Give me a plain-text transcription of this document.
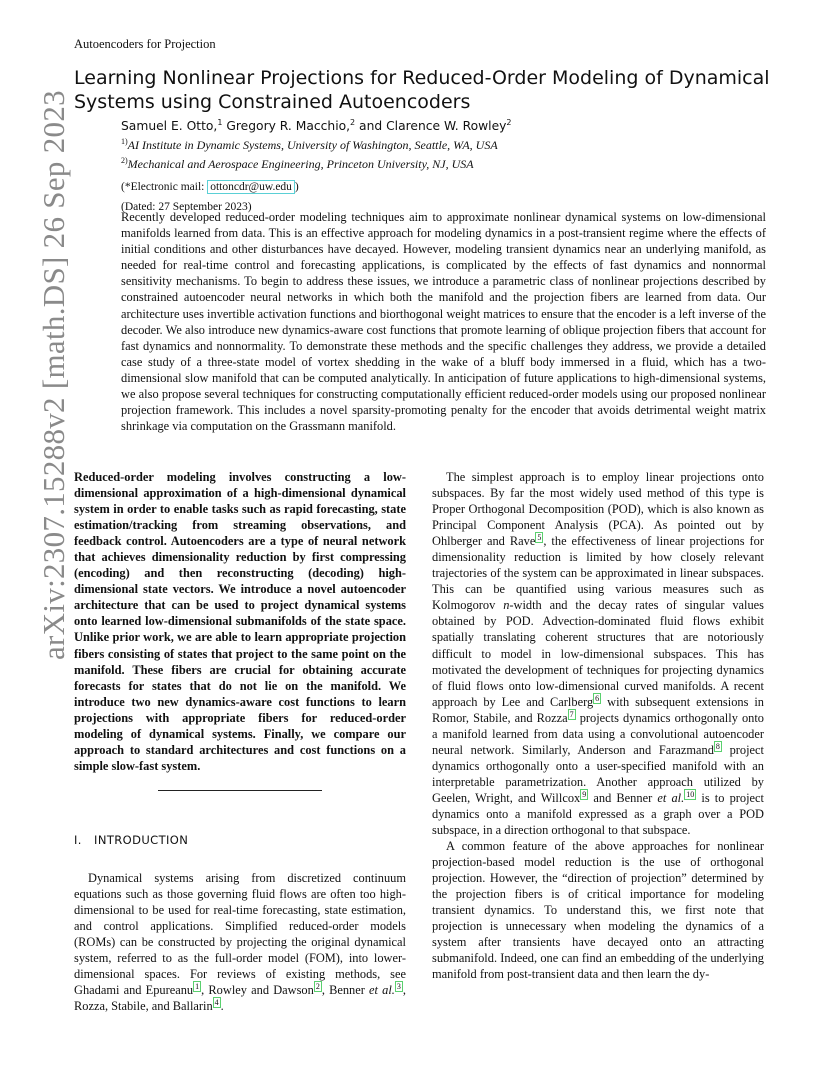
Autoencoders for Projection
arXiv:2307.15288v2 [math.DS] 26 Sep 2023
Learning Nonlinear Projections for Reduced-Order Modeling of Dynamical Systems using Constrained Autoencoders
Samuel E. Otto,$^1$ Gregory R. Macchio,$^2$ and Clarence W. Rowley$^2$
$^{1)}$AI Institute in Dynamic Systems, University of Washington, Seattle, WA, USA
$^{2)}$Mechanical and Aerospace Engineering, Princeton University, NJ, USA
(*Electronic mail: ottoncdr@uw.edu )
(Dated: 27 September 2023)

Recently developed reduced-order modeling techniques aim to approximate nonlinear dynamical systems on low-dimensional manifolds learned from data. This is an effective approach for modeling dynamics in a post-transient regime where the effects of initial conditions and other disturbances have decayed. However, modeling transient dynamics near an underlying manifold, as needed for real-time control and forecasting applications, is complicated by the effects of fast dynamics and nonnormal sensitivity mechanisms. To begin to address these issues, we introduce a parametric class of nonlinear projections described by constrained autoencoder neural networks in which both the manifold and the projection fibers are learned from data. Our architecture uses invertible activation functions and biorthogonal weight matrices to ensure that the encoder is a left inverse of the decoder. We also introduce new dynamics-aware cost functions that promote learning of oblique projection fibers that account for fast dynamics and nonnormality. To demonstrate these methods and the specific challenges they address, we provide a detailed case study of a three-state model of vortex shedding in the wake of a bluff body immersed in a fluid, which has a two-dimensional slow manifold that can be computed analytically. In anticipation of future applications to high-dimensional systems, we also propose several techniques for constructing computationally efficient reduced-order models using our proposed nonlinear projection framework. This includes a novel sparsity-promoting penalty for the encoder that avoids detrimental weight matrix shrinkage via computation on the Grassmann manifold.

Reduced-order modeling involves constructing a low-dimensional approximation of a high-dimensional dynamical system in order to enable tasks such as rapid forecasting, state estimation/tracking from streaming observations, and feedback control. Autoencoders are a type of neural network that achieves dimensionality reduction by first compressing (encoding) and then reconstructing (decoding) high-dimensional state vectors. We introduce a novel autoencoder architecture that can be used to project dynamical systems onto learned low-dimensional submanifolds of the state space. Unlike prior work, we are able to learn appropriate projection fibers consisting of states that project to the same point on the manifold. These fibers are crucial for obtaining accurate forecasts for states that do not lie on the manifold. We introduce two new dynamics-aware cost functions to learn projections with appropriate fibers for reduced-order modeling of dynamical systems. Finally, we compare our approach to standard architectures and cost functions on a simple slow-fast system.

I. INTRODUCTION

Dynamical systems arising from discretized continuum equations such as those governing fluid flows are often too high-dimensional to be used for real-time forecasting, state estimation, and control applications. Simplified reduced-order models (ROMs) can be constructed by projecting the original dynamical system, referred to as the full-order model (FOM), into lower-dimensional spaces. For reviews of existing methods, see Ghadami and Epureanu $^1$ , Rowley and Dawson $^2$ , Benner et al. $^3$ , Rozza, Stabile, and Ballarin $^4$ .

The simplest approach is to employ linear projections onto subspaces. By far the most widely used method of this type is Proper Orthogonal Decomposition (POD), which is also known as Principal Component Analysis (PCA). As pointed out by Ohlberger and Rave $^5$ , the effectiveness of linear projections for dimensionality reduction is limited by how closely relevant trajectories of the system can be approximated in linear subspaces. This can be quantified using various measures such as Kolmogorov n-width and the decay rates of singular values obtained by POD. Advection-dominated fluid flows exhibit spatially translating coherent structures that are notoriously difficult to model in low-dimensional subspaces. This has motivated the development of techniques for projecting dynamics of fluid flows onto low-dimensional curved manifolds. A recent approach by Lee and Carlberg $^6$ with subsequent extensions in Romor, Stabile, and Rozza $^7$ projects dynamics orthogonally onto a manifold learned from data using a convolutional autoencoder neural network. Similarly, Anderson and Farazmand $^8$ project dynamics orthogonally onto a user-specified manifold with an interpretable parametrization. Another approach utilized by Geelen, Wright, and Willcox $^9$ and Benner et al. $^{10}$ is to project dynamics onto a manifold expressed as a graph over a POD subspace, in a direction orthogonal to that subspace.

A common feature of the above approaches for nonlinear projection-based model reduction is the use of orthogonal projection. However, the “direction of projection” determined by the projection fibers is of critical importance for modeling transient dynamics. To understand this, we first note that projection is unnecessary when modeling the dynamics of a system after transients have decayed onto an attracting submanifold. Indeed, one can find an embedding of the underlying manifold from post-transient data and then learn the dy-
